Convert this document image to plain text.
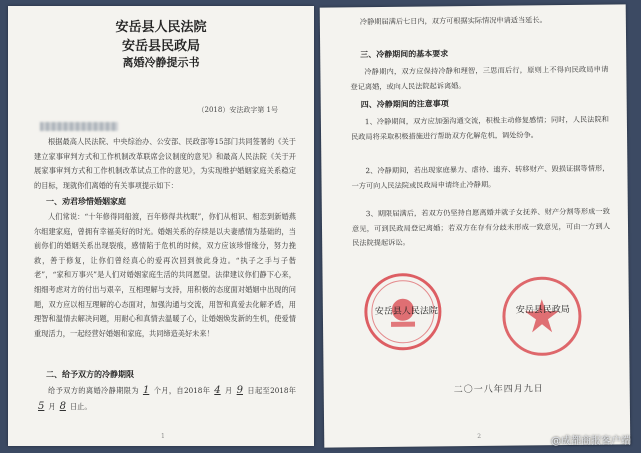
安岳县人民法院
安岳县民政局
离婚冷静提示书
（2018）安法政字第 1号

根据最高人民法院、中央综治办、公安部、民政部等15部门共同签署的《关于建立家事审判方式和工作机制改革联席会议制度的意见》和最高人民法院《关于开展家事审判方式和工作机制改革试点工作的意见》，为实现维护婚姻家庭关系稳定的目标，现就你们离婚的有关事项提示如下：

一、劝君珍惜婚姻家庭

人们常说：“十年修得同船渡，百年修得共枕眠”，你们从相识、相恋到新婚燕尔组建家庭，曾拥有幸福美好的时光。婚姻关系的存续是以夫妻感情为基础的，当前你们的婚姻关系出现裂痕，感情陷于危机的时候，双方应该珍惜缘分，努力挽救，善于修复，让你们曾经真心的爱再次回到彼此身边。“执子之手与子偕老”，“家和万事兴”是人们对婚姻家庭生活的共同愿望。法律建议你们静下心来，细细考虑对方的付出与艰辛，互相理解与支持，用积极的态度面对婚姻中出现的问题，双方应以相互理解的心态面对，加强沟通与交流，用智和真爱去化解矛盾，用理智和温情去解决问题，用耐心和真情去温暖了心，让婚姻焕发新的生机，使爱情重现活力，一起经营好婚姻和家庭，共同缔造美好未来！

二、给予双方的冷静期限

给予双方的离婚冷静期限为 1 个月，自2018年 4 月 9 日起至2018年5 月 8 日止。

1

冷静期届满后七日内，双方可根据实际情况申请适当延长。

三、冷静期间的基本要求

冷静期内，双方应保持冷静和理智，三思而后行，原则上不得向民政局申请登记离婚，或向人民法院起诉离婚。

四、冷静期间的注意事项

1、冷静期间，双方应加强沟通交流，积极主动修复感情；同时，人民法院和民政局将采取积极措施进行帮助双方化解危机，调处纷争。

2、冷静期间，若出现家庭暴力、虐待、遗弃、转移财产、毁损证据等情形，一方可向人民法院或民政局申请终止冷静期。

3、期限届满后，若双方仍坚持自愿离婚并就子女抚养、财产分割等形成一致意见，可到民政局登记离婚；若双方在存有分歧未形成一致意见，可由一方到人民法院提起诉讼。

安岳县人民法院	安岳县民政局
二〇一八年四月九日
2	@成都商报客户端
